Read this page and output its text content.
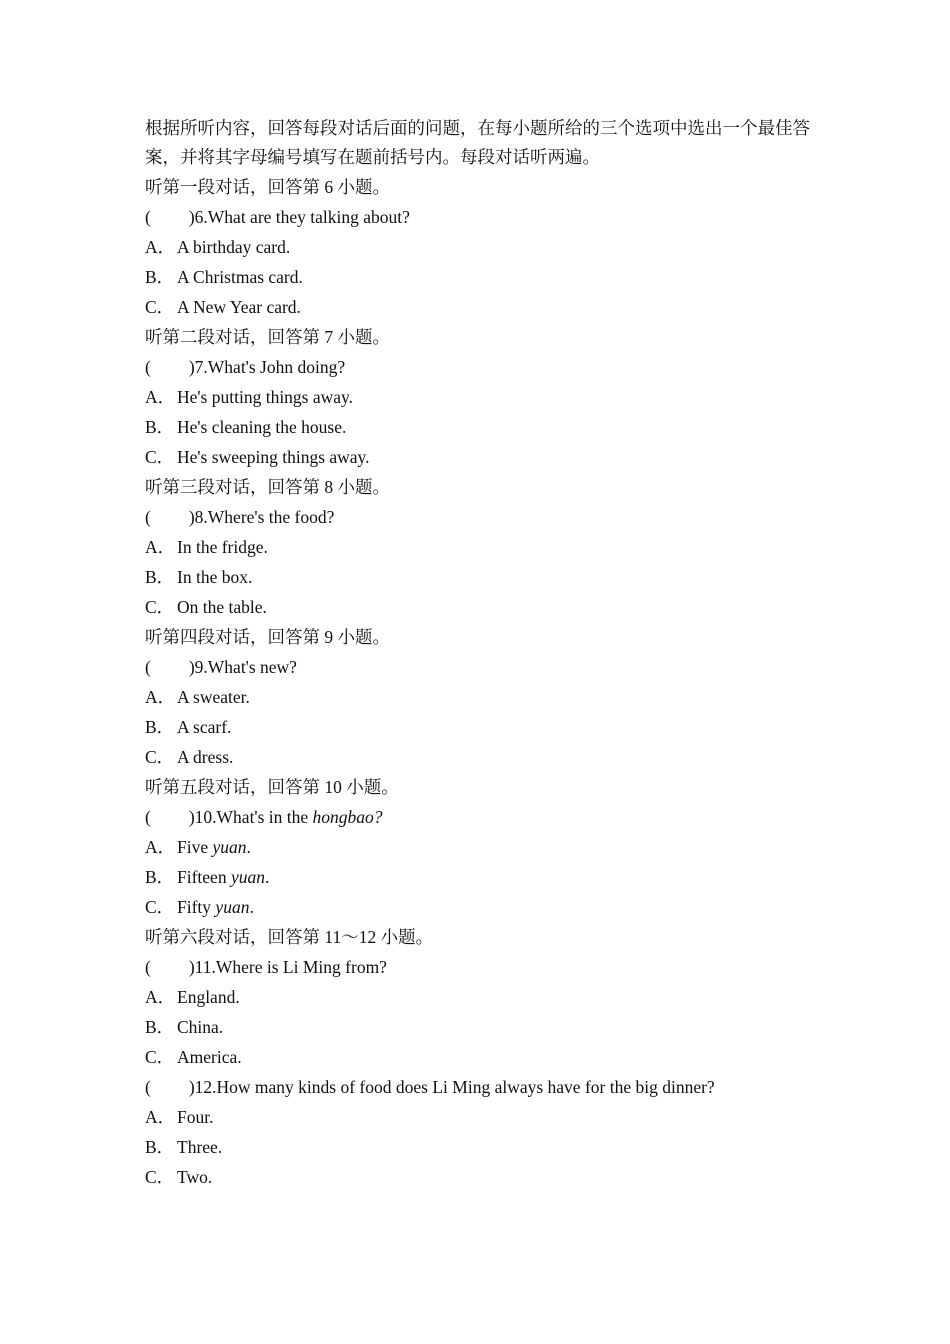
根据所听内容，回答每段对话后面的问题，在每小题所给的三个选项中选出一个最佳答案，并将其字母编号填写在题前括号内。每段对话听两遍。
听第一段对话，回答第 6 小题。
( )6.What are they talking about?
A． A birthday card.
B． A Christmas card.
C． A New Year card.
听第二段对话，回答第 7 小题。
( )7.What's John doing?
A． He's putting things away.
B． He's cleaning the house.
C． He's sweeping things away.
听第三段对话，回答第 8 小题。
( )8.Where's the food?
A． In the fridge.
B． In the box.
C． On the table.
听第四段对话，回答第 9 小题。
( )9.What's new?
A． A sweater.
B． A scarf.
C． A dress.
听第五段对话，回答第 10 小题。
( )10.What's in the hongbao?
A． Five yuan.
B． Fifteen yuan.
C． Fifty yuan.
听第六段对话，回答第 11～12 小题。
( )11.Where is Li Ming from?
A． England.
B． China.
C． America.
( )12.How many kinds of food does Li Ming always have for the big dinner?
A． Four.
B． Three.
C． Two.
